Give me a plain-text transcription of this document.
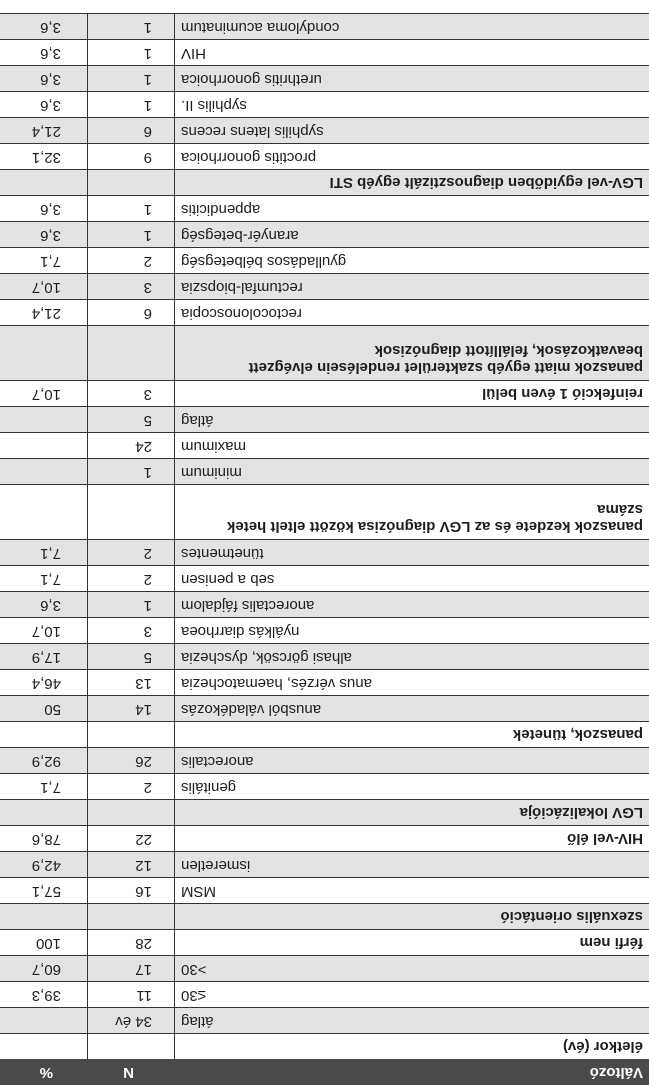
Változó
N
%
életkor (év)
átlag
34 év
≤30
11
39,3
>30
17
60,7
férfi nem
28
100
szexuális orientáció
MSM
16
57,1
ismeretlen
12
42,9
HIV-vel élő
22
78,6
LGV lokalizációja
genitális
2
7,1
anorectalis
26
92,9
panaszok, tünetek
anusból váladékozás
14
50
anus vérzés, haematochezia
13
46,4
alhasi görcsök, dyschezia
5
17,9
nyálkás diarrhoea
3
10,7
anorectalis fájdalom
1
3,6
seb a penisen
2
7,1
tünetmentes
2
7,1
panaszok kezdete és az LGV diagnózisa között eltelt hetek száma
minimum
1
maximum
24
átlag
5
reinfekció 1 éven belül
3
10,7
panaszok miatt egyéb szakterület rendelésein elvégzett beavatkozások, felállított diagnózisok
rectocolonoscopia
6
21,4
rectumfal-biopszia
3
10,7
gyulladásos bélbetegség
2
7,1
aranyér-betegség
1
3,6
appendicitis
1
3,6
LGV-vel egyidőben diagnosztizált egyéb STI
proctitis gonorrhoica
9
32,1
syphilis latens recens
6
21,4
syphilis II.
1
3,6
urethritis gonorrhoica
1
3,6
HIV
1
3,6
condyloma acuminatum
1
3,6
